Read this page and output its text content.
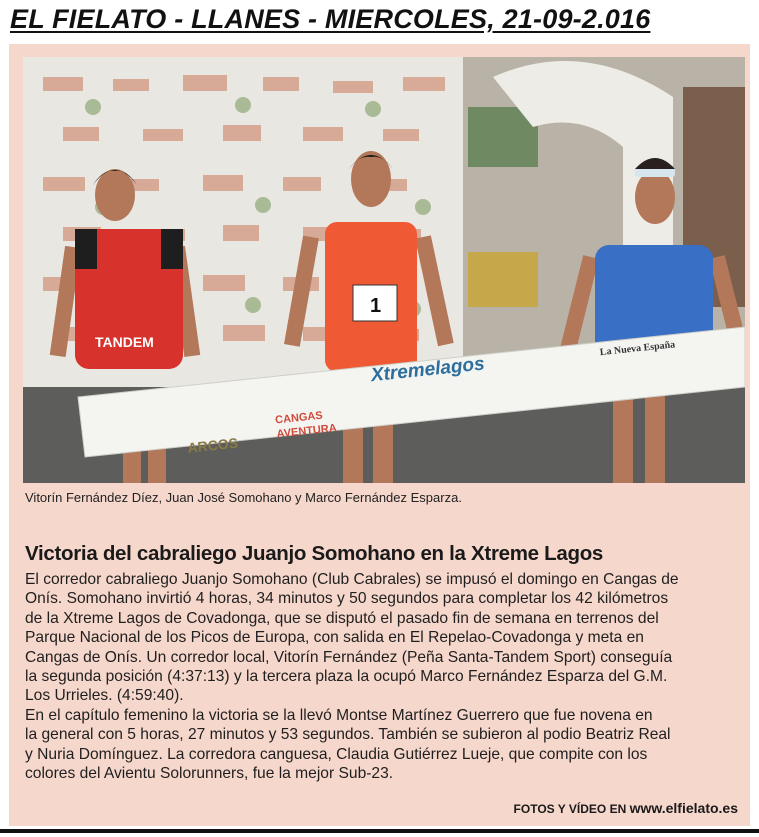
EL FIELATO - LLANES - MIERCOLES, 21-09-2.016
TANDEM
1
Xtremelagos
ARCOS
CANGAS
AVENTURA
La Nueva España
Vitorín Fernández Díez, Juan José Somohano y Marco Fernández Esparza.
Victoria del cabraliego Juanjo Somohano en la Xtreme Lagos

El corredor cabraliego Juanjo Somohano (Club Cabrales) se impusó el domingo en Cangas de

Onís. Somohano invirtió 4 horas, 34 minutos y 50 segundos para completar los 42 kilómetros

de la Xtreme Lagos de Covadonga, que se disputó el pasado fin de semana en terrenos del

Parque Nacional de los Picos de Europa, con salida en El Repelao-Covadonga y meta en

Cangas de Onís. Un corredor local, Vitorín Fernández (Peña Santa-Tandem Sport) conseguía

la segunda posición (4:37:13) y la tercera plaza la ocupó Marco Fernández Esparza del G.M.

Los Urrieles. (4:59:40).

En el capítulo femenino la victoria se la llevó Montse Martínez Guerrero que fue novena en

la general con 5 horas, 27 minutos y 53 segundos. También se subieron al podio Beatriz Real

y Nuria Domínguez. La corredora canguesa, Claudia Gutiérrez Lueje, que compite con los

colores del Avientu Solorunners, fue la mejor Sub-23.

FOTOS Y VÍDEO EN www.elfielato.es
